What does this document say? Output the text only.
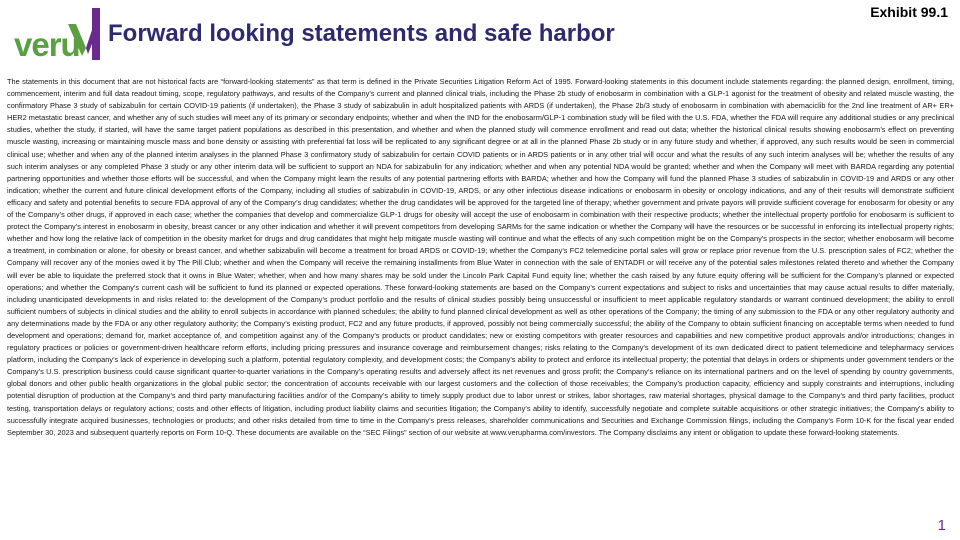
veru Forward looking statements and safe harbor
Exhibit 99.1

The statements in this document that are not historical facts are “forward-looking statements” as that term is defined in the Private Securities Litigation Reform Act of 1995. Forward-looking statements in this document include statements regarding: the planned design, enrollment, timing, commencement, interim and full data readout timing, scope, regulatory pathways, and results of the Company’s current and planned clinical trials, including the Phase 2b study of enobosarm in combination with a GLP-1 agonist for the treatment of obesity and related muscle wasting, the confirmatory Phase 3 study of sabizabulin for certain COVID-19 patients (if undertaken), the Phase 3 study of sabizabulin in adult hospitalized patients with ARDS (if undertaken), the Phase 2b/3 study of enobosarm in combination with abemaciclib for the 2nd line treatment of AR+ ER+ HER2 metastatic breast cancer, and whether any of such studies will meet any of its primary or secondary endpoints; whether and when the IND for the enobosarm/GLP-1 combination study will be filed with the U.S. FDA, whether the FDA will require any additional studies or any preclinical studies, whether the study, if started, will have the same target patient populations as described in this presentation, and whether and when the planned study will commence enrollment and read out data; whether the historical clinical results showing enobosarm’s effect on preventing muscle wasting, increasing or maintaining muscle mass and bone density or assisting with preferential fat loss will be replicated to any significant degree or at all in the planned Phase 2b study or in any future study and whether, if approved, any such results would be seen in commercial clinical use; whether and when any of the planned interim analyses in the planned Phase 3 confirmatory study of sabizabulin for certain COVID patients or in ARDS patients or in any other trial will occur and what the results of any such interim analyses will be; whether the results of any such interim analyses or any completed Phase 3 study or any other interim data will be sufficient to support an NDA for sabizabulin for any indication; whether and when any potential NDA would be granted; whether and when the Company will meet with BARDA regarding any potential partnering opportunities and whether those efforts will be successful, and when the Company might learn the results of any potential partnering efforts with BARDA; whether and how the Company will fund the planned Phase 3 studies of sabizabulin in COVID-19 and ARDS or any other indication; whether the current and future clinical development efforts of the Company, including all studies of sabizabulin in COVID-19, ARDS, or any other infectious disease indications or enobosarm in obesity or oncology indications, and any of their results will demonstrate sufficient efficacy and safety and potential benefits to secure FDA approval of any of the Company’s drug candidates; whether the drug candidates will be approved for the targeted line of therapy; whether government and private payors will provide sufficient coverage for enobosarm for obesity or any of the Company’s other drugs, if approved in each case; whether the companies that develop and commercialize GLP-1 drugs for obesity will accept the use of enobosarm in combination with their respective products; whether the intellectual property portfolio for enobosarm is sufficient to protect the Company’s interest in enobosarm in obesity, breast cancer or any other indication and whether it will prevent competitors from developing SARMs for the same indication or whether the Company will have the resources or be successful in enforcing its intellectual property rights; whether and how long the relative lack of competition in the obesity market for drugs and drug candidates that might help mitigate muscle wasting will continue and what the effects of any such competition might be on the Company’s prospects in the sector; whether enobosarm will become a treatment, in combination or alone, for obesity or breast cancer, and whether sabizabulin will become a treatment for broad ARDS or COVID-19; whether the Company’s FC2 telemedicine portal sales will grow or replace prior revenue from the U.S. prescription sales of FC2; whether the Company will recover any of the monies owed it by The Pill Club; whether and when the Company will receive the remaining installments from Blue Water in connection with the sale of ENTADFI or will receive any of the potential sales milestones related thereto and whether the Company will ever be able to liquidate the preferred stock that it owns in Blue Water; whether, when and how many shares may be sold under the Lincoln Park Capital Fund equity line; whether the cash raised by any future equity offering will be sufficient for the Company’s planned or expected operations; and whether the Company’s current cash will be sufficient to fund its planned or expected operations. These forward-looking statements are based on the Company’s current expectations and subject to risks and uncertainties that may cause actual results to differ materially, including unanticipated developments in and risks related to: the development of the Company’s product portfolio and the results of clinical studies possibly being unsuccessful or insufficient to meet applicable regulatory standards or warrant continued development; the ability to enroll sufficient numbers of subjects in clinical studies and the ability to enroll subjects in accordance with planned schedules; the ability to fund planned clinical development as well as other operations of the Company; the timing of any submission to the FDA or any other regulatory authority and any determinations made by the FDA or any other regulatory authority; the Company’s existing product, FC2 and any future products, if approved, possibly not being commercially successful; the ability of the Company to obtain sufficient financing on acceptable terms when needed to fund development and operations; demand for, market acceptance of, and competition against any of the Company’s products or product candidates; new or existing competitors with greater resources and capabilities and new competitive product approvals and/or introductions; changes in regulatory practices or policies or government-driven healthcare reform efforts, including pricing pressures and insurance coverage and reimbursement changes; risks relating to the Company’s development of its own dedicated direct to patient telemedicine and telepharmacy services platform, including the Company’s lack of experience in developing such a platform, potential regulatory complexity, and development costs; the Company’s ability to protect and enforce its intellectual property; the potential that delays in orders or shipments under government tenders or the Company’s U.S. prescription business could cause significant quarter-to-quarter variations in the Company’s operating results and adversely affect its net revenues and gross profit; the Company’s reliance on its international partners and on the level of spending by country governments, global donors and other public health organizations in the global public sector; the concentration of accounts receivable with our largest customers and the collection of those receivables; the Company’s production capacity, efficiency and supply constraints and interruptions, including potential disruption of production at the Company’s and third party manufacturing facilities and/or of the Company’s ability to timely supply product due to labor unrest or strikes, labor shortages, raw material shortages, physical damage to the Company’s and third party facilities, product testing, transportation delays or regulatory actions; costs and other effects of litigation, including product liability claims and securities litigation; the Company’s ability to identify, successfully negotiate and complete suitable acquisitions or other strategic initiatives; the Company’s ability to successfully integrate acquired businesses, technologies or products; and other risks detailed from time to time in the Company’s press releases, shareholder communications and Securities and Exchange Commission filings, including the Company’s Form 10-K for the fiscal year ended September 30, 2023 and subsequent quarterly reports on Form 10-Q. These documents are available on the “SEC Filings” section of our website at www.verupharma.com/investors. The Company disclaims any intent or obligation to update these forward-looking statements.

1
